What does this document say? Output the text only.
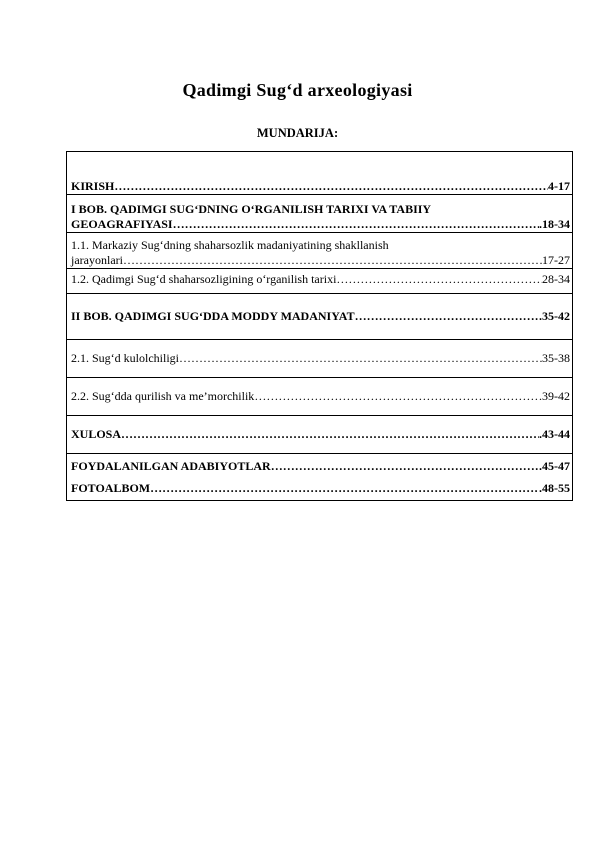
Qadimgi Sug‘d arxeologiyasi
MUNDARIJA:
KIRISH ………………………………………………………………………………………………………………………………………………………………………………	4-17

I BOB. QADIMGI SUG‘DNING O‘RGANILISH TARIXI VA TABIIY
GEOAGRAFIYASI ………………………………………………………………………………………………………………………………………………………………………………	.18-34

1.1. Markaziy Sug‘dning shaharsozlik madaniyatining shakllanish
jarayonlari ………………………………………………………………………………………………………………………………………………………………………………	17-27

1.2. Qadimgi Sug‘d shaharsozligining o‘rganilish tarixi ………………………………………………………………………………………………………………………………………………………………………………	28-34

II BOB. QADIMGI SUG‘DDA MODDY MADANIYAT ………………………………………………………………………………………………………………………………………………………………………………	.35-42

2.1. Sug‘d kulolchiligi ………………………………………………………………………………………………………………………………………………………………………………	35-38

2.2. Sug‘dda qurilish va me’morchilik ………………………………………………………………………………………………………………………………………………………………………………	.39-42

XULOSA ………………………………………………………………………………………………………………………………………………………………………………	.43-44

FOYDALANILGAN ADABIYOTLAR ………………………………………………………………………………………………………………………………………………………………………………	.45-47
FOTOALBOM ………………………………………………………………………………………………………………………………………………………………………………	.48-55
